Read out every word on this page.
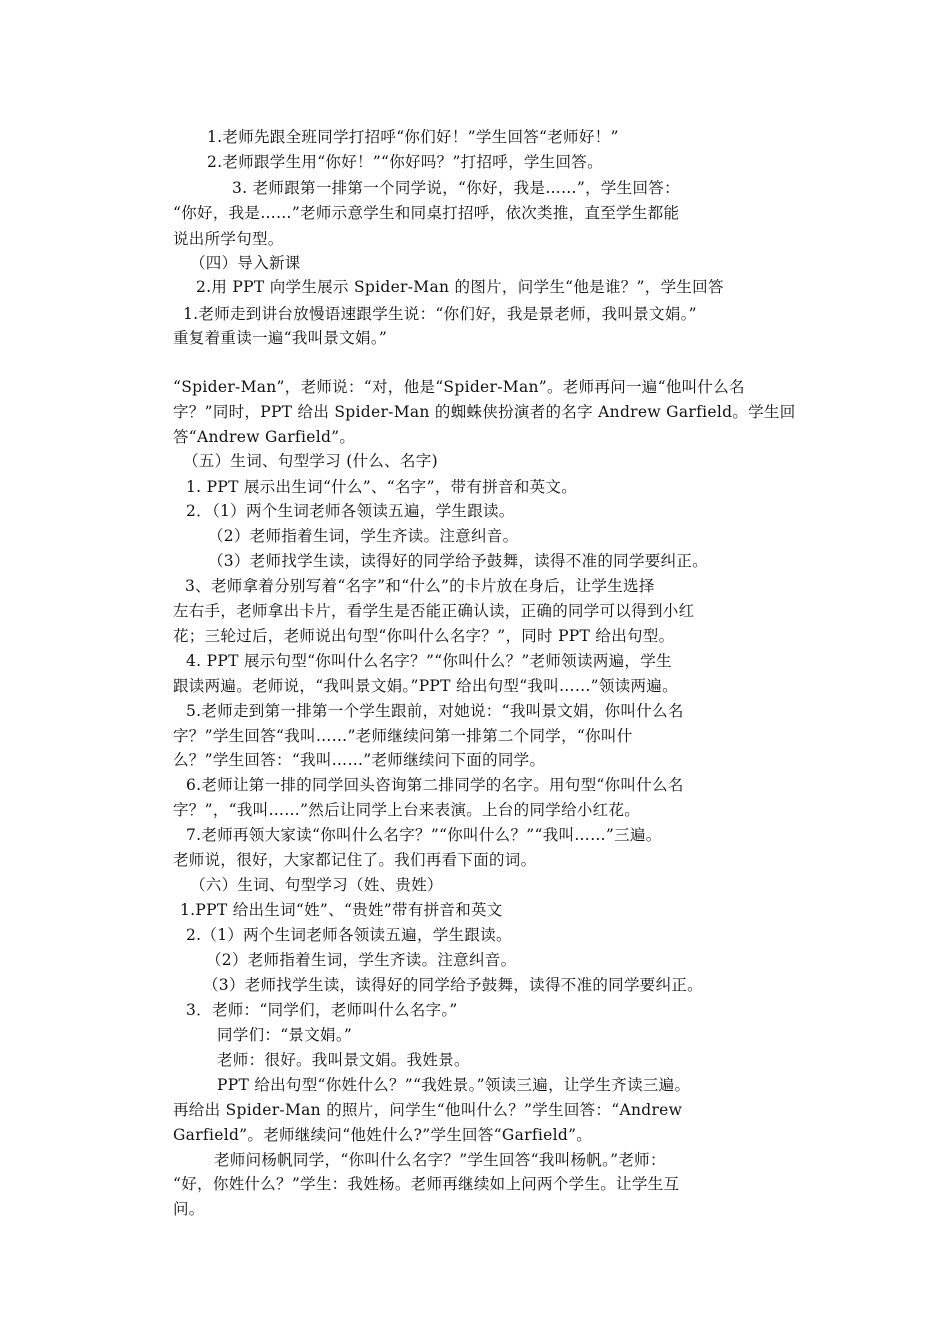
1.老师先跟全班同学打招呼“你们好！”学生回答“老师好！”
2.老师跟学生用“你好！”“你好吗？”打招呼，学生回答。
3. 老师跟第一排第一个同学说，“你好，我是……”，学生回答：
“你好，我是……”老师示意学生和同桌打招呼，依次类推，直至学生都能
说出所学句型。
（四）导入新课
2.用 PPT 向学生展示 Spider-Man 的图片，问学生“他是谁？”，学生回答
1.老师走到讲台放慢语速跟学生说：“你们好，我是景老师，我叫景文娟。”
重复着重读一遍“我叫景文娟。”
“Spider-Man”，老师说：“对，他是“Spider-Man”。老师再问一遍“他叫什么名
字？”同时，PPT 给出 Spider-Man 的蜘蛛侠扮演者的名字 Andrew Garfield。学生回
答“Andrew Garfield”。
（五）生词、句型学习 (什么、名字)
1. PPT 展示出生词“什么”、“名字”，带有拼音和英文。
2．（1）两个生词老师各领读五遍，学生跟读。
（2）老师指着生词，学生齐读。注意纠音。
（3）老师找学生读，读得好的同学给予鼓舞，读得不准的同学要纠正。
3、老师拿着分别写着“名字”和“什么”的卡片放在身后，让学生选择
左右手，老师拿出卡片，看学生是否能正确认读，正确的同学可以得到小红
花；三轮过后，老师说出句型“你叫什么名字？”，同时 PPT 给出句型。
4. PPT 展示句型“你叫什么名字？”“你叫什么？”老师领读两遍，学生
跟读两遍。老师说，“我叫景文娟。”PPT 给出句型“我叫……”领读两遍。
5.老师走到第一排第一个学生跟前，对她说：“我叫景文娟，你叫什么名
字？”学生回答“我叫……”老师继续问第一排第二个同学，“你叫什
么？”学生回答：“我叫……”老师继续问下面的同学。
6.老师让第一排的同学回头咨询第二排同学的名字。用句型“你叫什么名
字？”，“我叫……”然后让同学上台来表演。上台的同学给小红花。
7.老师再领大家读“你叫什么名字？”“你叫什么？”“我叫……”三遍。
老师说，很好，大家都记住了。我们再看下面的词。
（六）生词、句型学习（姓、贵姓）
1.PPT 给出生词“姓”、“贵姓”带有拼音和英文
2.（1）两个生词老师各领读五遍，学生跟读。
（2）老师指着生词，学生齐读。注意纠音。
（3）老师找学生读，读得好的同学给予鼓舞，读得不准的同学要纠正。
3．老师：“同学们，老师叫什么名字。”
同学们：“景文娟。”
老师：很好。我叫景文娟。我姓景。
PPT 给出句型“你姓什么？”“我姓景。”领读三遍，让学生齐读三遍。
再给出 Spider-Man 的照片，问学生“他叫什么？”学生回答：“Andrew
Garfield”。老师继续问“他姓什么?”学生回答“Garfield”。
老师问杨帆同学，“你叫什么名字？”学生回答“我叫杨帆。”老师：
“好，你姓什么？”学生：我姓杨。老师再继续如上问两个学生。让学生互
问。
